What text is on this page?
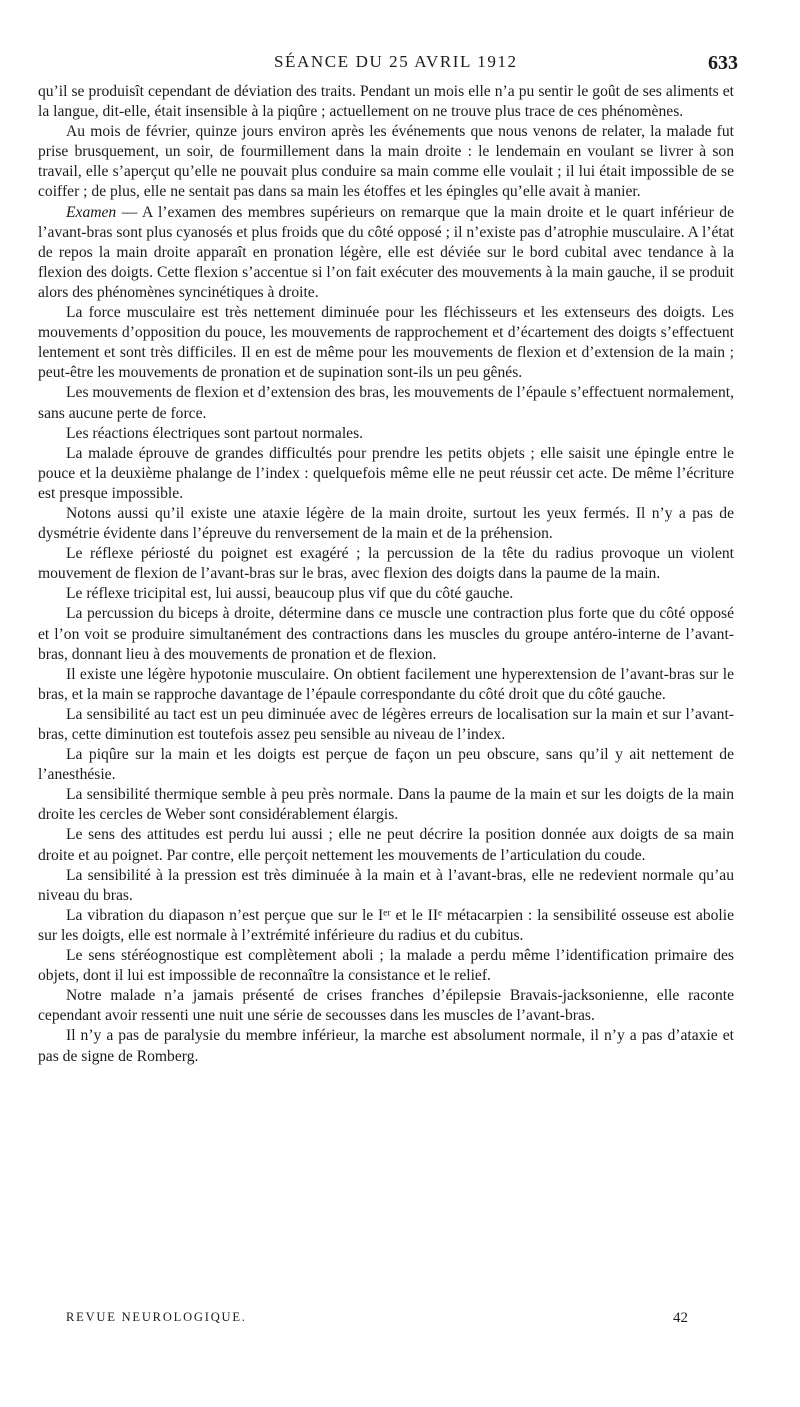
SÉANCE DU 25 AVRIL 1912	633

qu’il se produisît cependant de déviation des traits. Pendant un mois elle n’a pu sentir le goût de ses aliments et la langue, dit-elle, était insensible à la piqûre ; actuellement on ne trouve plus trace de ces phénomènes.

Au mois de février, quinze jours environ après les événements que nous venons de relater, la malade fut prise brusquement, un soir, de fourmillement dans la main droite : le lendemain en voulant se livrer à son travail, elle s’aperçut qu’elle ne pouvait plus conduire sa main comme elle voulait ; il lui était impossible de se coiffer ; de plus, elle ne sentait pas dans sa main les étoffes et les épingles qu’elle avait à manier.

Examen — A l’examen des membres supérieurs on remarque que la main droite et le quart inférieur de l’avant-bras sont plus cyanosés et plus froids que du côté opposé ; il n’existe pas d’atrophie musculaire. A l’état de repos la main droite apparaît en pronation légère, elle est déviée sur le bord cubital avec tendance à la flexion des doigts. Cette flexion s’accentue si l’on fait exécuter des mouvements à la main gauche, il se produit alors des phénomènes syncinétiques à droite.

La force musculaire est très nettement diminuée pour les fléchisseurs et les extenseurs des doigts. Les mouvements d’opposition du pouce, les mouvements de rapprochement et d’écartement des doigts s’effectuent lentement et sont très difficiles. Il en est de même pour les mouvements de flexion et d’extension de la main ; peut-être les mouvements de pronation et de supination sont-ils un peu gênés.

Les mouvements de flexion et d’extension des bras, les mouvements de l’épaule s’effectuent normalement, sans aucune perte de force.

Les réactions électriques sont partout normales.

La malade éprouve de grandes difficultés pour prendre les petits objets ; elle saisit une épingle entre le pouce et la deuxième phalange de l’index : quelquefois même elle ne peut réussir cet acte. De même l’écriture est presque impossible.

Notons aussi qu’il existe une ataxie légère de la main droite, surtout les yeux fermés. Il n’y a pas de dysmétrie évidente dans l’épreuve du renversement de la main et de la préhension.

Le réflexe périosté du poignet est exagéré ; la percussion de la tête du radius provoque un violent mouvement de flexion de l’avant-bras sur le bras, avec flexion des doigts dans la paume de la main.

Le réflexe tricipital est, lui aussi, beaucoup plus vif que du côté gauche.

La percussion du biceps à droite, détermine dans ce muscle une contraction plus forte que du côté opposé et l’on voit se produire simultanément des contractions dans les muscles du groupe antéro-interne de l’avant-bras, donnant lieu à des mouvements de pronation et de flexion.

Il existe une légère hypotonie musculaire. On obtient facilement une hyperextension de l’avant-bras sur le bras, et la main se rapproche davantage de l’épaule correspondante du côté droit que du côté gauche.

La sensibilité au tact est un peu diminuée avec de légères erreurs de localisation sur la main et sur l’avant-bras, cette diminution est toutefois assez peu sensible au niveau de l’index.

La piqûre sur la main et les doigts est perçue de façon un peu obscure, sans qu’il y ait nettement de l’anesthésie.

La sensibilité thermique semble à peu près normale. Dans la paume de la main et sur les doigts de la main droite les cercles de Weber sont considérablement élargis.

Le sens des attitudes est perdu lui aussi ; elle ne peut décrire la position donnée aux doigts de sa main droite et au poignet. Par contre, elle perçoit nettement les mouvements de l’articulation du coude.

La sensibilité à la pression est très diminuée à la main et à l’avant-bras, elle ne redevient normale qu’au niveau du bras.

La vibration du diapason n’est perçue que sur le Iᵉʳ et le IIᵉ métacarpien : la sensibilité osseuse est abolie sur les doigts, elle est normale à l’extrémité inférieure du radius et du cubitus.

Le sens stéréognostique est complètement aboli ; la malade a perdu même l’identification primaire des objets, dont il lui est impossible de reconnaître la consistance et le relief.

Notre malade n’a jamais présenté de crises franches d’épilepsie Bravais-jacksonienne, elle raconte cependant avoir ressenti une nuit une série de secousses dans les muscles de l’avant-bras.

Il n’y a pas de paralysie du membre inférieur, la marche est absolument normale, il n’y a pas d’ataxie et pas de signe de Romberg.

REVUE NEUROLOGIQUE.	42
